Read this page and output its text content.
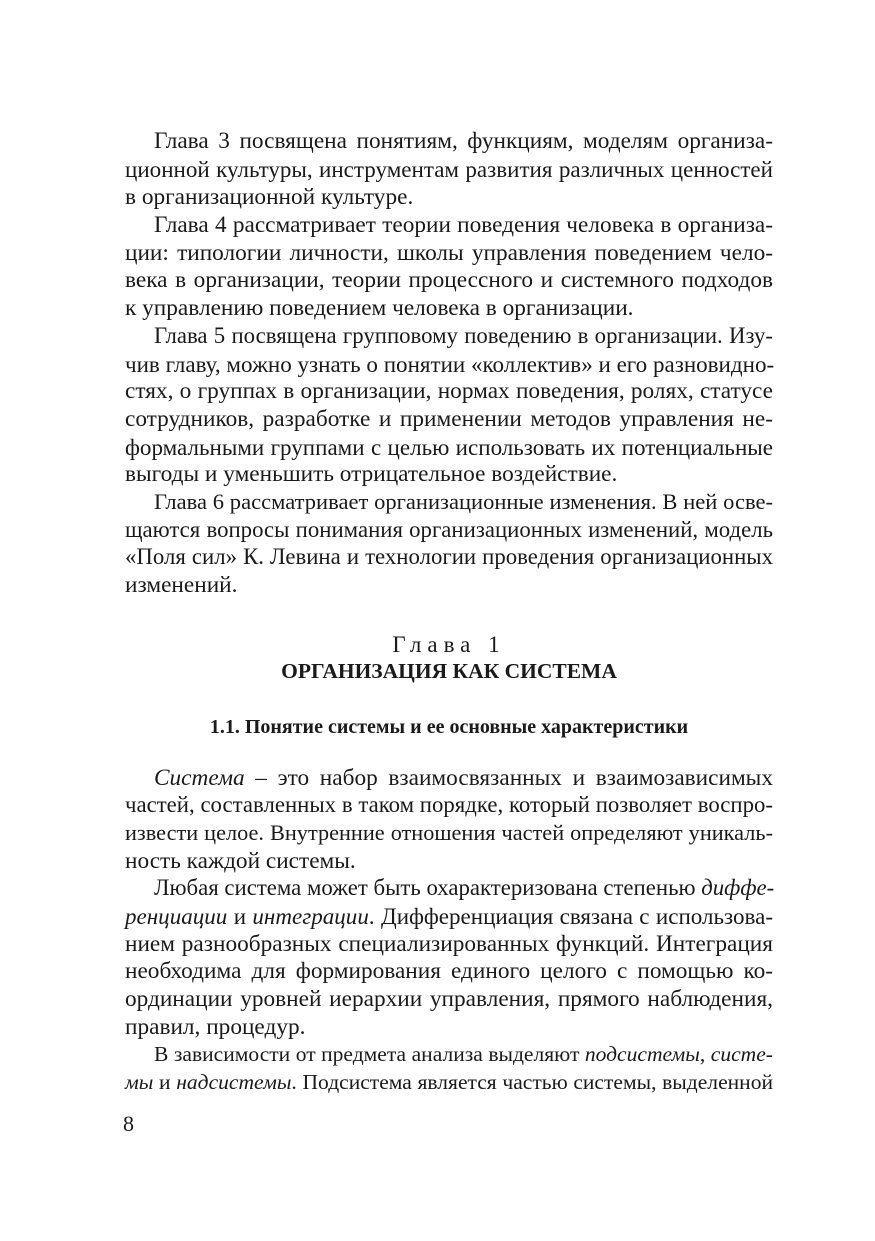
Глава 3 посвящена понятиям, функциям, моделям организа-
ционной культуры, инструментам развития различных ценностей
в организационной культуре.
Глава 4 рассматривает теории поведения человека в организа-
ции: типологии личности, школы управления поведением чело-
века в организации, теории процессного и системного подходов
к управлению поведением человека в организации.
Глава 5 посвящена групповому поведению в организации. Изу-
чив главу, можно узнать о понятии «коллектив» и его разновидно-
стях, о группах в организации, нормах поведения, ролях, статусе
сотрудников, разработке и применении методов управления не-
формальными группами с целью использовать их потенциальные
выгоды и уменьшить отрицательное воздействие.
Глава 6 рассматривает организационные изменения. В ней осве-
щаются вопросы понимания организационных изменений, модель
«Поля сил» К. Левина и технологии проведения организационных
изменений.
Глава 1
ОРГАНИЗАЦИЯ КАК СИСТЕМА
1.1. Понятие системы и ее основные характеристики
Система – это набор взаимосвязанных и взаимозависимых
частей, составленных в таком порядке, который позволяет воспро-
извести целое. Внутренние отношения частей определяют уникаль-
ность каждой системы.
Любая система может быть охарактеризована степенью диффе-
ренциации и интеграции. Дифференциация связана с использова-
нием разнообразных специализированных функций. Интеграция
необходима для формирования единого целого с помощью ко-
ординации уровней иерархии управления, прямого наблюдения,
правил, процедур.
В зависимости от предмета анализа выделяют подсистемы, систе-
мы и надсистемы. Подсистема является частью системы, выделенной
8
